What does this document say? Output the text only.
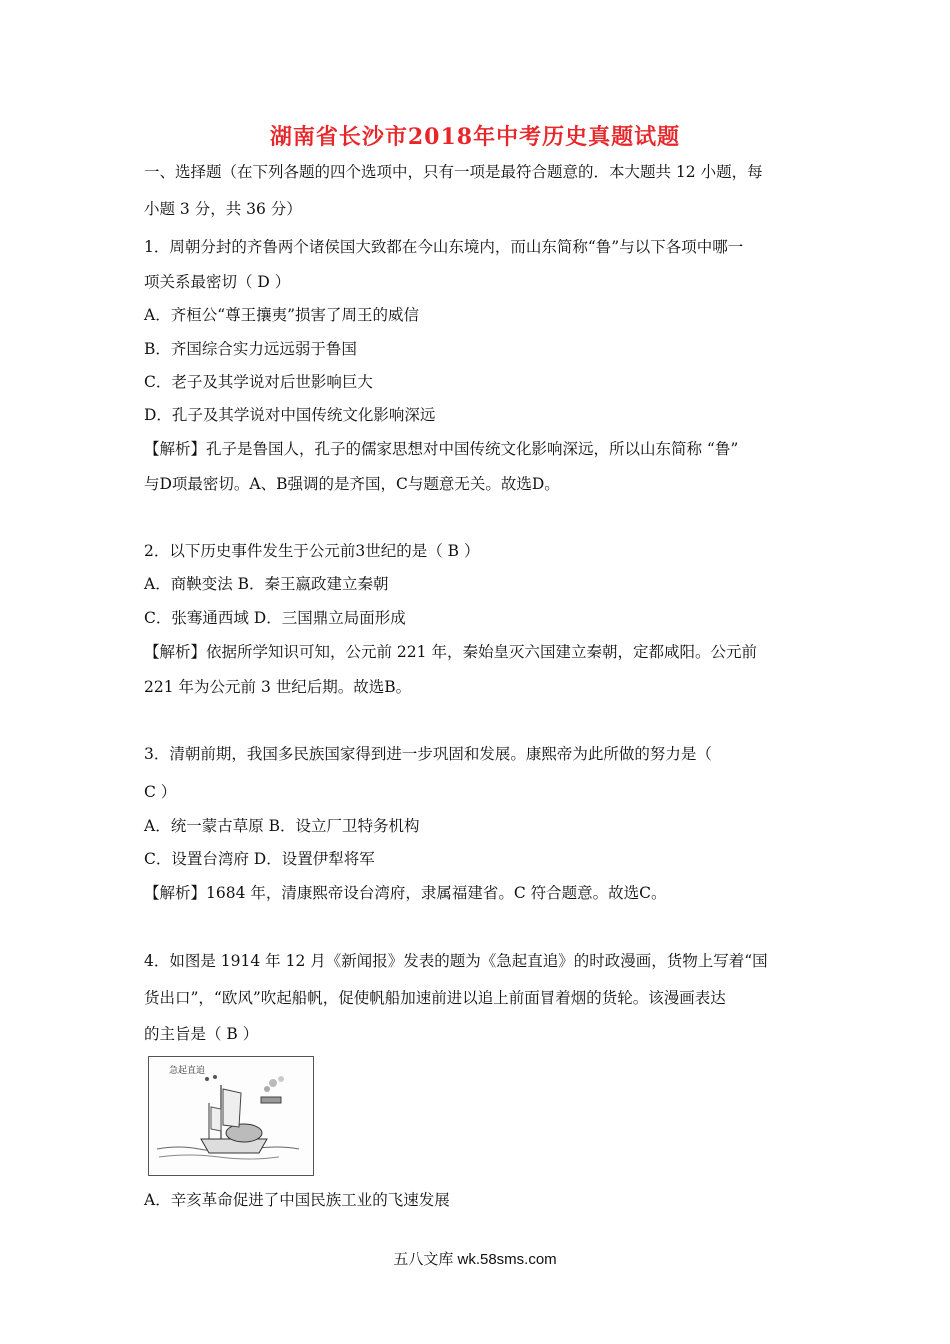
湖南省长沙市2018年中考历史真题试题
一、选择题（在下列各题的四个选项中，只有一项是最符合题意的．本大题共 12 小题，每
小题 3 分，共 36 分）
1．周朝分封的齐鲁两个诸侯国大致都在今山东境内，而山东简称“鲁”与以下各项中哪一
项关系最密切（ D ）
A．齐桓公“尊王攘夷”损害了周王的威信
B．齐国综合实力远远弱于鲁国
C．老子及其学说对后世影响巨大
D．孔子及其学说对中国传统文化影响深远
【解析】孔子是鲁国人，孔子的儒家思想对中国传统文化影响深远，所以山东简称 “鲁”
与D项最密切。A、B强调的是齐国，C与题意无关。故选D。
2．以下历史事件发生于公元前3世纪的是（ B ）
A．商鞅变法 B．秦王嬴政建立秦朝
C．张骞通西域 D．三国鼎立局面形成
【解析】依据所学知识可知，公元前 221 年，秦始皇灭六国建立秦朝，定都咸阳。公元前
221 年为公元前 3 世纪后期。故选B。
3．清朝前期，我国多民族国家得到进一步巩固和发展。康熙帝为此所做的努力是（
C ）
A．统一蒙古草原 B．设立厂卫特务机构
C．设置台湾府 D．设置伊犁将军
【解析】1684 年，清康熙帝设台湾府，隶属福建省。C 符合题意。故选C。
4．如图是 1914 年 12 月《新闻报》发表的题为《急起直追》的时政漫画，货物上写着“国
货出口”，“欧风”吹起船帆，促使帆船加速前进以追上前面冒着烟的货轮。该漫画表达
的主旨是（ B ）
急起直追
A．辛亥革命促进了中国民族工业的飞速发展
五八文库 wk.58sms.com
